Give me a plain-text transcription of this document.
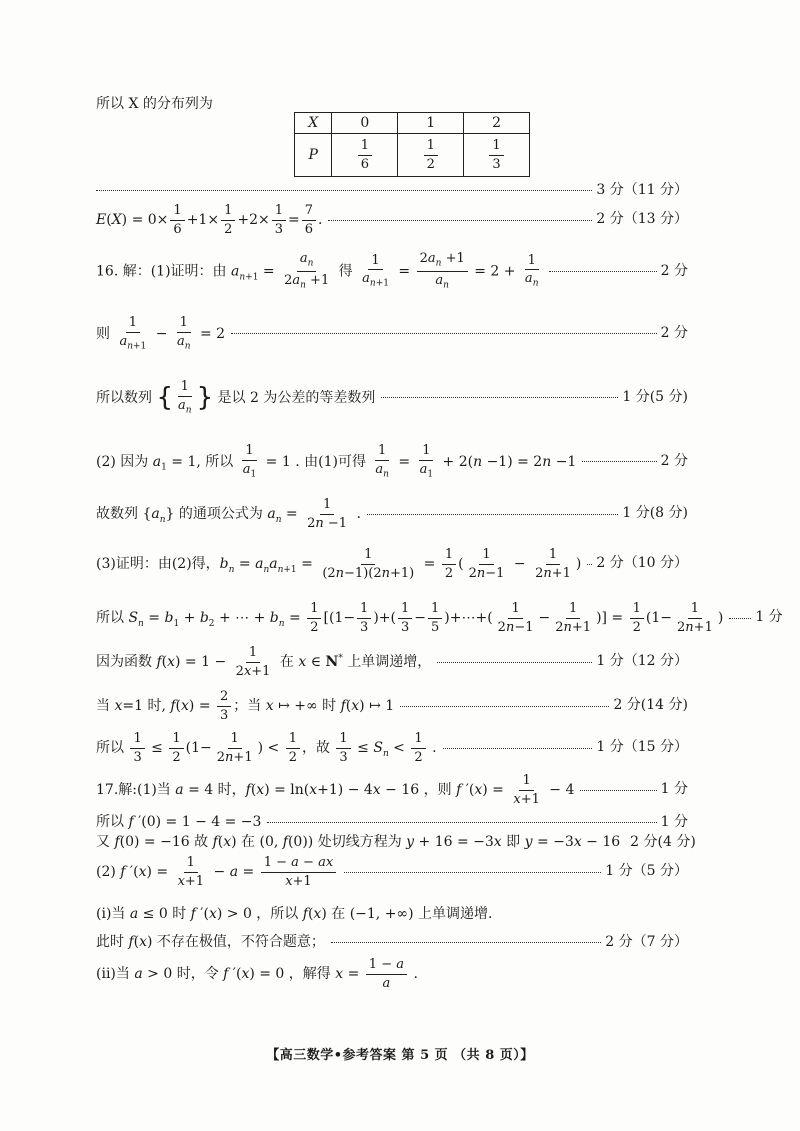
所以 X 的分布列为
X	0	1	2
P	$\frac{1}{6}$	$\frac{1}{2}$	$\frac{1}{3}$
3 分（11 分）
$E(X) = 0\times \frac{1}{6} +1\times \frac{1}{2} +2\times \frac{1}{3} = \frac{7}{6}$ .	2 分（13 分）
16. 解：(1)证明：由 $a_{n+1} = \frac{a_n}{2a_n +1}$ 得 $\frac{1}{a_{n+1}} = \frac{2a_n +1}{a_n} = 2 + \frac{1}{a_n}$	2 分
则 $\frac{1}{a_{n+1}} - \frac{1}{a_n} = 2$	2 分
所以数列 { $\frac{1}{a_n}$ } 是以 2 为公差的等差数列	1 分(5 分)
(2) 因为 $a_1 = 1$, 所以 $\frac{1}{a_1} = 1$ . 由(1)可得 $\frac{1}{a_n} = \frac{1}{a_1} + 2(n -1) = 2n -1$	2 分
故数列 $\{a_n\}$ 的通项公式为 $a_n = \frac{1}{2n -1}$ .	1 分(8 分)
(3)证明：由(2)得，$b_n = a_na_{n+1} = \frac{1}{(2n-1)(2n+1)} = \frac{1}{2}$ ( $\frac{1}{2n-1} - \frac{1}{2n+1}$ ) 2 分（10 分）
所以 $S_n = b_1 + b_2$ + ⋯ + $b_n = \frac{1}{2} [(1- \frac{1}{3}$ )+( $\frac{1}{3} - \frac{1}{5}$ )+⋯+( $\frac{1}{2n-1} - \frac{1}{2n+1}$ )] = $\frac{1}{2} (1- \frac{1}{2n+1}$ ) 1 分
因为函数 $f(x) = 1 - \frac{1}{2x+1}$ 在 x ∈ N* 上单调递增，	1 分（12 分）
当 x=1 时, $f(x) = \frac{2}{3}$ ；当 x ↦ +∞ 时 f(x) ↦ 1	2 分(14 分)
所以 $\frac{1}{3} \le \frac{1}{2} (1- \frac{1}{2n+1}$ ) < $\frac{1}{2}$ ，故 $\frac{1}{3} \le S_n < \frac{1}{2}$ .	1 分（15 分）
17.解:(1)当 a = 4 时，f(x) = ln(x+1) − 4x − 16 ，则 f $'(x) = \frac{1}{x+1} - 4$	1 分
所以 f ′(0) = 1 − 4 = −3	1 分
又 f(0) = −16 故 f(x) 在 (0, f(0)) 处切线方程为 y + 16 = −3x 即 y = −3x − 16 2 分(4 分)
(2) f $'(x) = \frac{1}{x+1} - a = \frac{1 - a - ax}{x+1}$	1 分（5 分）
(i)当 a ≤ 0 时 f ′(x) > 0 ，所以 f(x) 在 (−1, +∞) 上单调递增.
此时 f(x) 不存在极值，不符合题意；	2 分（7 分）
(ii)当 a > 0 时，令 f ′(x) = 0 ，解得 $x = \frac{1 - a}{a}$ .
【高三数学•参考答案 第 5 页 （共 8 页）】
